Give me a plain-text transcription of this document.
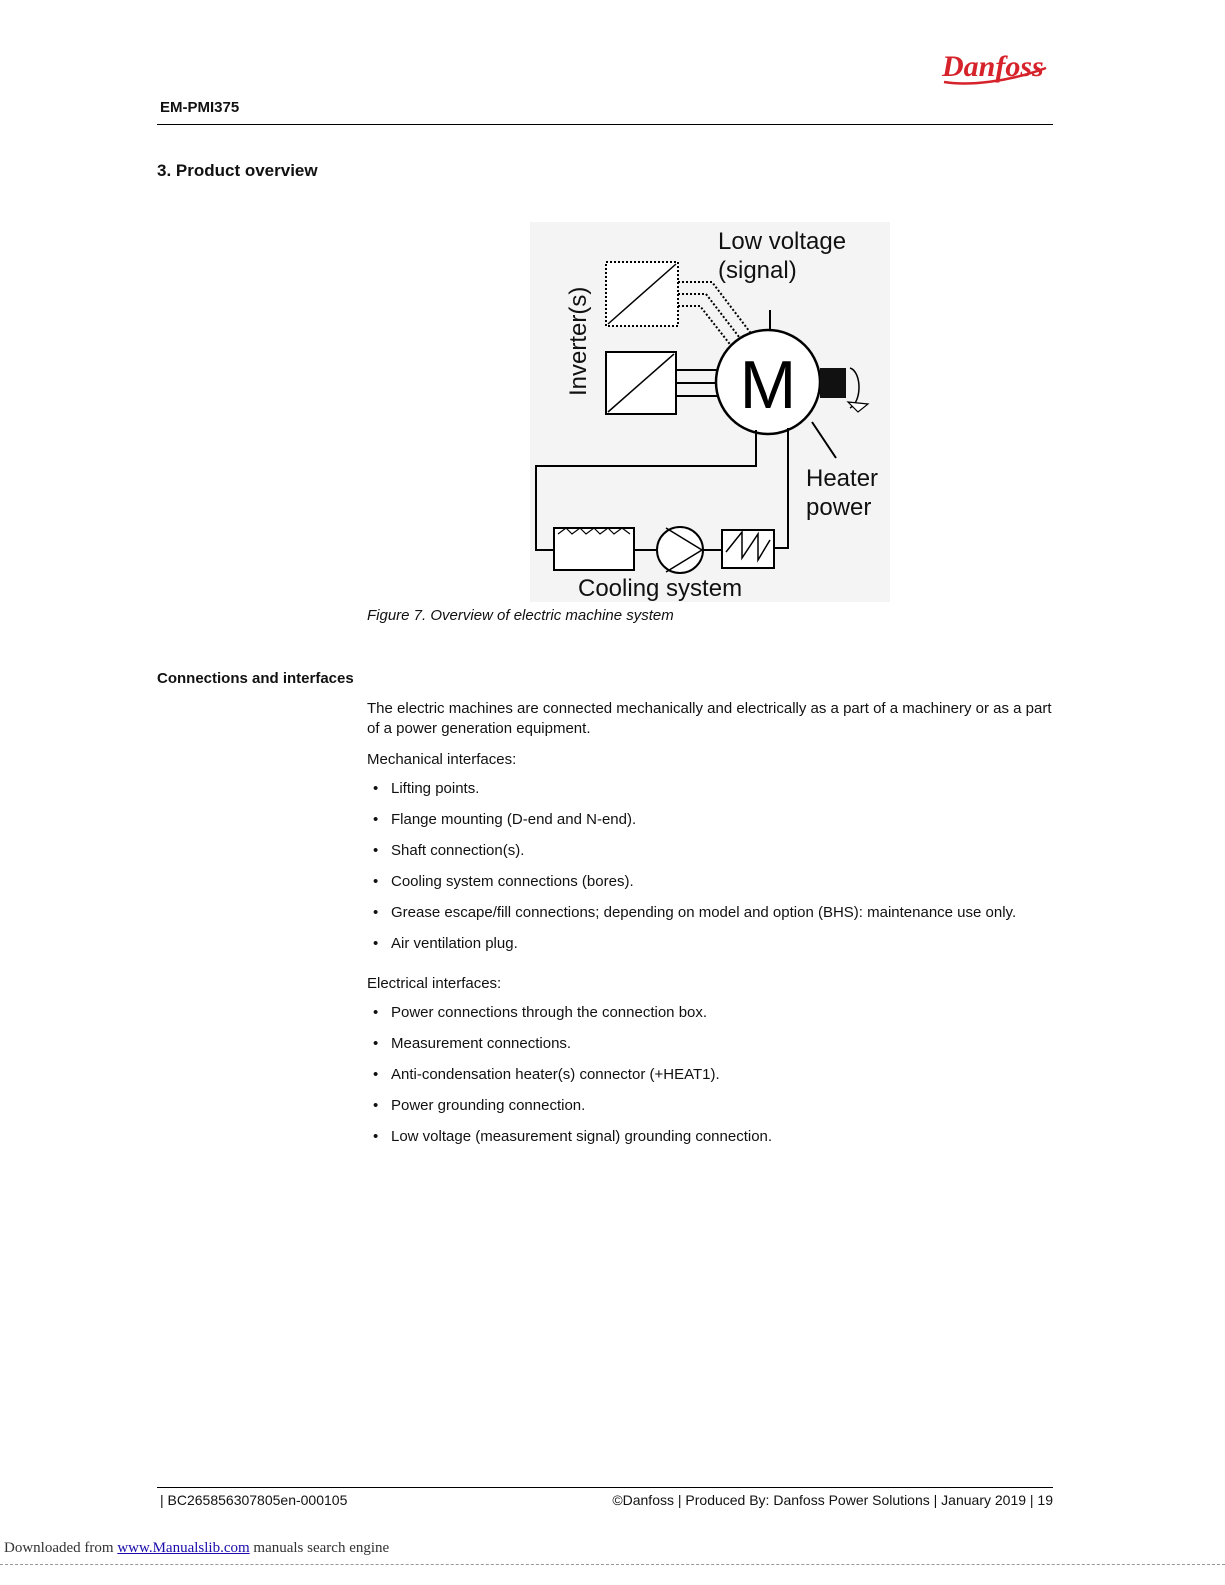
Danfoss
EM-PMI375
3. Product overview
M
Low voltage
(signal)
Inverter(s)
Heater
power
Cooling system
Figure 7. Overview of electric machine system
Connections and interfaces

The electric machines are connected mechanically and electrically as a part of a machinery or as a part of a power generation equipment.

Mechanical interfaces:

• Lifting points.
• Flange mounting (D-end and N-end).
• Shaft connection(s).
• Cooling system connections (bores).
• Grease escape/fill connections; depending on model and option (BHS): maintenance use only.
• Air ventilation plug.

Electrical interfaces:

• Power connections through the connection box.
• Measurement connections.
• Anti-condensation heater(s) connector (+HEAT1).
• Power grounding connection.
• Low voltage (measurement signal) grounding connection.
| BC265856307805en-000105	©Danfoss | Produced By: Danfoss Power Solutions | January 2019 | 19
Downloaded from www.Manualslib.com manuals search engine
